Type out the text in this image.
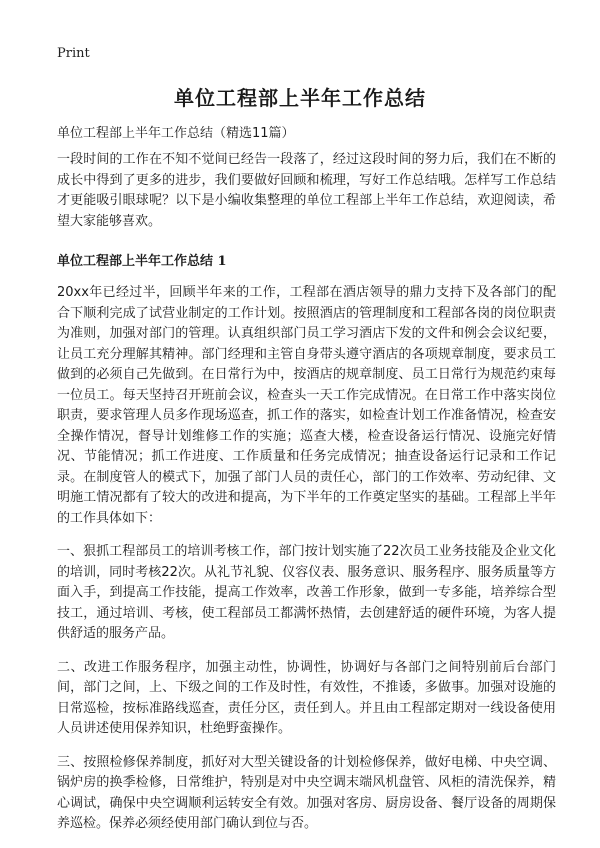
Print
单位工程部上半年工作总结

单位工程部上半年工作总结（精选11篇）

一段时间的工作在不知不觉间已经告一段落了，经过这段时间的努力后，我们在不断的成长中得到了更多的进步，我们要做好回顾和梳理，写好工作总结哦。怎样写工作总结才更能吸引眼球呢？以下是小编收集整理的单位工程部上半年工作总结，欢迎阅读，希望大家能够喜欢。

单位工程部上半年工作总结 1

20xx年已经过半，回顾半年来的工作，工程部在酒店领导的鼎力支持下及各部门的配合下顺利完成了试营业制定的工作计划。按照酒店的管理制度和工程部各岗的岗位职责为准则，加强对部门的管理。认真组织部门员工学习酒店下发的文件和例会会议纪要，让员工充分理解其精神。部门经理和主管自身带头遵守酒店的各项规章制度，要求员工做到的必须自己先做到。在日常行为中，按酒店的规章制度、员工日常行为规范约束每一位员工。每天坚持召开班前会议，检查头一天工作完成情况。在日常工作中落实岗位职责，要求管理人员多作现场巡查，抓工作的落实，如检查计划工作准备情况，检查安全操作情况，督导计划维修工作的实施；巡查大楼，检查设备运行情况、设施完好情况、节能情况；抓工作进度、工作质量和任务完成情况；抽查设备运行记录和工作记录。在制度管人的模式下，加强了部门人员的责任心，部门的工作效率、劳动纪律、文明施工情况都有了较大的改进和提高，为下半年的工作奠定坚实的基础。工程部上半年的工作具体如下：

一、狠抓工程部员工的培训考核工作，部门按计划实施了22次员工业务技能及企业文化的培训，同时考核22次。从礼节礼貌、仪容仪表、服务意识、服务程序、服务质量等方面入手，到提高工作技能，提高工作效率，改善工作形象，做到一专多能，培养综合型技工，通过培训、考核，使工程部员工都满怀热情，去创建舒适的硬件环境，为客人提供舒适的服务产品。

二、改进工作服务程序，加强主动性，协调性，协调好与各部门之间特别前后台部门间，部门之间，上、下级之间的工作及时性，有效性，不推诿，多做事。加强对设施的日常巡检，按标准路线巡查，责任分区，责任到人。并且由工程部定期对一线设备使用人员讲述使用保养知识，杜绝野蛮操作。

三、按照检修保养制度，抓好对大型关键设备的计划检修保养，做好电梯、中央空调、锅炉房的换季检修，日常维护，特别是对中央空调末端风机盘管、风柜的清洗保养，精心调试，确保中央空调顺利运转安全有效。加强对客房、厨房设备、餐厅设备的周期保养巡检。保养必须经使用部门确认到位与否。
